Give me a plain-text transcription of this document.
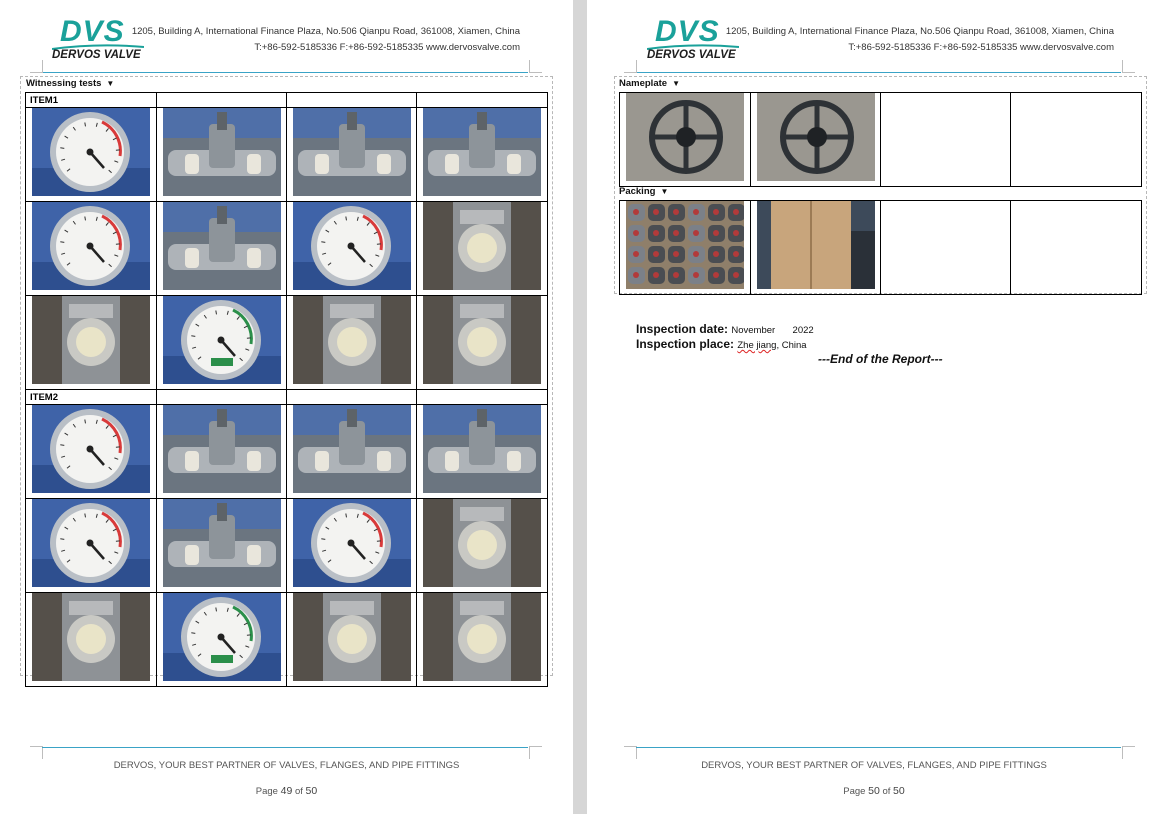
DVS
DERVOS VALVE
1205, Building A, International Finance Plaza, No.506 Qianpu Road, 361008, Xiamen, China
T:+86-592-5185336 F:+86-592-5185335 www.dervosvalve.com
Witnessing tests ▼
ITEM1			

ITEM2			

DERVOS, YOUR BEST PARTNER OF VALVES, FLANGES, AND PIPE FITTINGS
Page 49 of 50
DVS
DERVOS VALVE
1205, Building A, International Finance Plaza, No.506 Qianpu Road, 361008, Xiamen, China
T:+86-592-5185336 F:+86-592-5185335 www.dervosvalve.com
Nameplate ▼

Packing ▼

Inspection date: November 2022
Inspection place: Zhe jiang, China
---End of the Report---
DERVOS, YOUR BEST PARTNER OF VALVES, FLANGES, AND PIPE FITTINGS
Page 50 of 50
